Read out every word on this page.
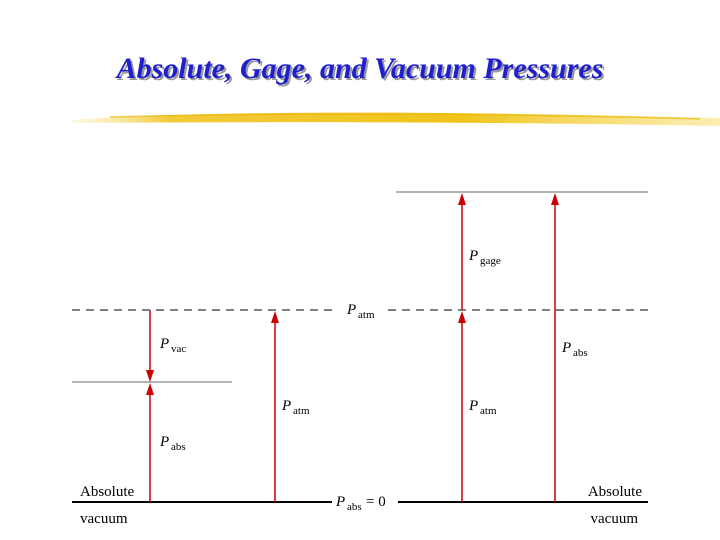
Absolute, Gage, and Vacuum Pressures
P atm
P vac
P abs
P atm
P gage
P atm
P abs
P abs = 0
Absolute
vacuum
Absolute
vacuum
